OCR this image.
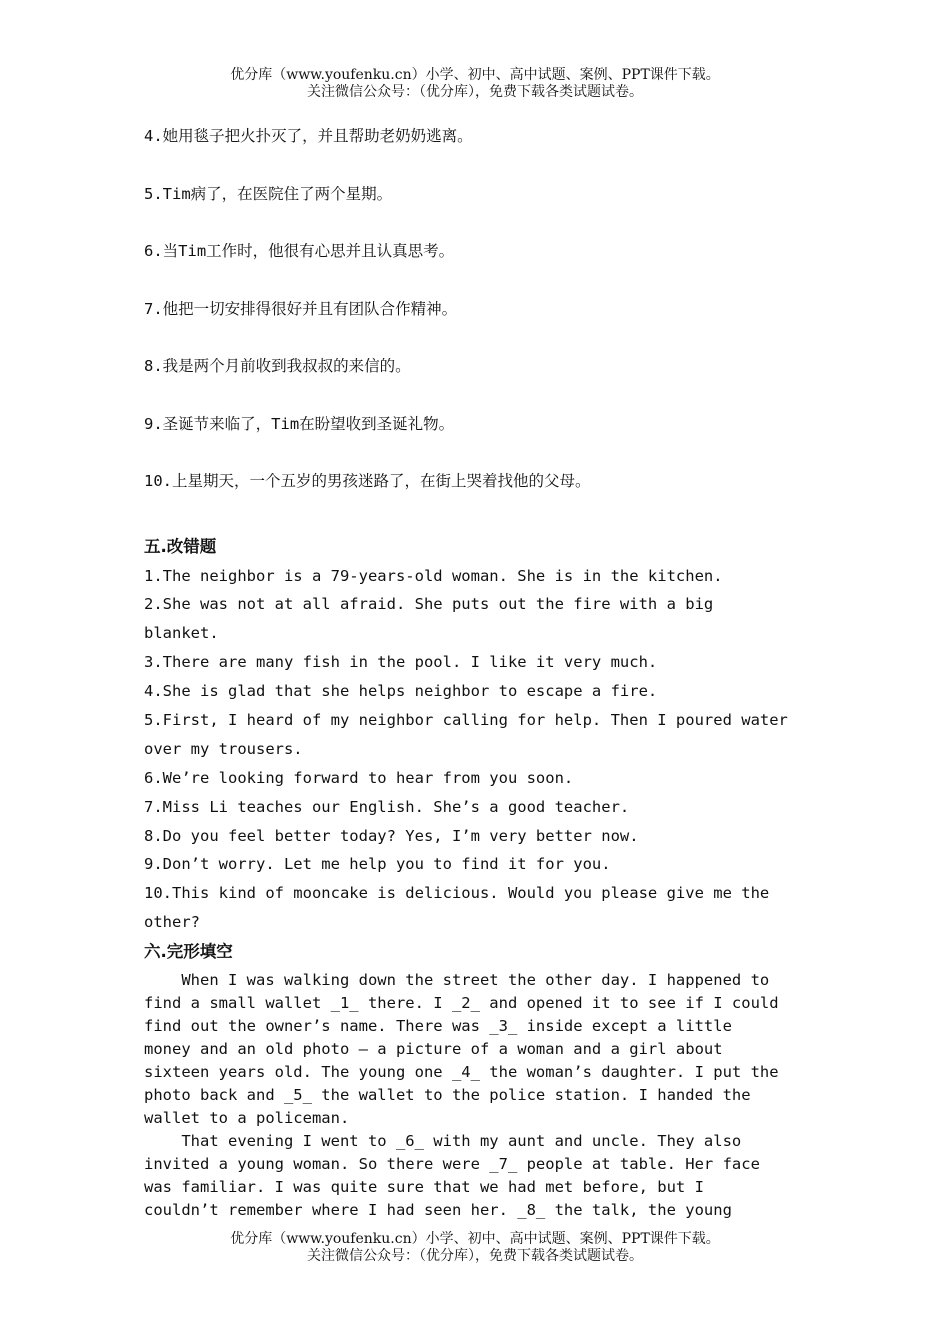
优分库（www.youfenku.cn）小学、初中、高中试题、案例、PPT课件下载。
关注微信公众号：（优分库），免费下载各类试题试卷。
4.她用毯子把火扑灭了，并且帮助老奶奶逃离。
5.Tim病了，在医院住了两个星期。
6.当Tim工作时，他很有心思并且认真思考。
7.他把一切安排得很好并且有团队合作精神。
8.我是两个月前收到我叔叔的来信的。
9.圣诞节来临了，Tim在盼望收到圣诞礼物。
10.上星期天，一个五岁的男孩迷路了，在街上哭着找他的父母。
五.改错题
1.The neighbor is a 79-years-old woman. She is in the kitchen.
2.She was not at all afraid. She puts out the fire with a big
blanket.
3.There are many fish in the pool. I like it very much.
4.She is glad that she helps neighbor to escape a fire.
5.First, I heard of my neighbor calling for help. Then I poured water
over my trousers.
6.We’re looking forward to hear from you soon.
7.Miss Li teaches our English. She’s a good teacher.
8.Do you feel better today? Yes, I’m very better now.
9.Don’t worry. Let me help you to find it for you.
10.This kind of mooncake is delicious. Would you please give me the
other?
六.完形填空
When I was walking down the street the other day. I happened to
find a small wallet _1_ there. I _2_ and opened it to see if I could
find out the owner’s name. There was _3_ inside except a little
money and an old photo – a picture of a woman and a girl about
sixteen years old. The young one _4_ the woman’s daughter. I put the
photo back and _5_ the wallet to the police station. I handed the
wallet to a policeman.
That evening I went to _6_ with my aunt and uncle. They also
invited a young woman. So there were _7_ people at table. Her face
was familiar. I was quite sure that we had met before, but I
couldn’t remember where I had seen her. _8_ the talk, the young
优分库（www.youfenku.cn）小学、初中、高中试题、案例、PPT课件下载。
关注微信公众号：（优分库），免费下载各类试题试卷。
